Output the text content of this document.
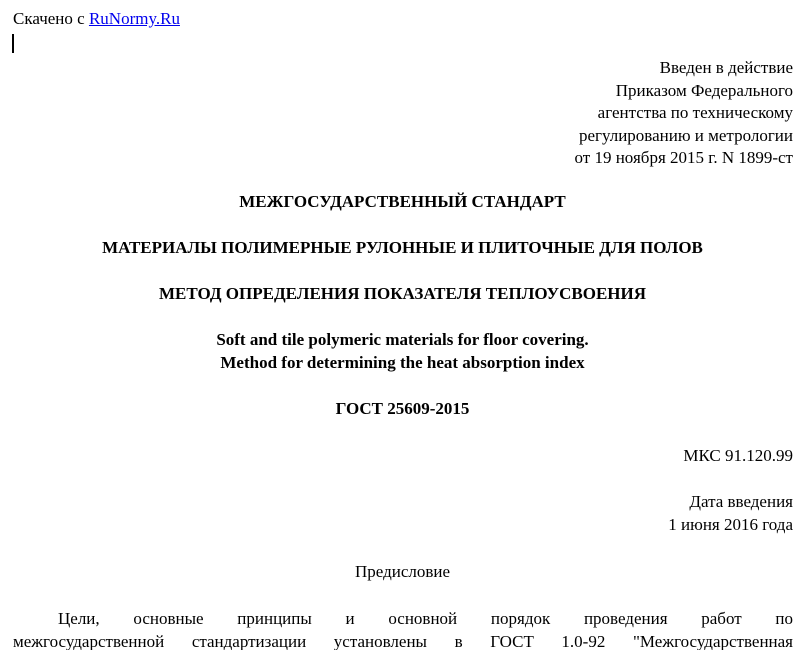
Скачено с RuNormy.Ru
Введен в действие
Приказом Федерального
агентства по техническому
регулированию и метрологии
от 19 ноября 2015 г. N 1899-ст
МЕЖГОСУДАРСТВЕННЫЙ СТАНДАРТ
МАТЕРИАЛЫ ПОЛИМЕРНЫЕ РУЛОННЫЕ И ПЛИТОЧНЫЕ ДЛЯ ПОЛОВ
МЕТОД ОПРЕДЕЛЕНИЯ ПОКАЗАТЕЛЯ ТЕПЛОУСВОЕНИЯ
Soft and tile polymeric materials for floor covering.
Method for determining the heat absorption index
ГОСТ 25609-2015
МКС 91.120.99
Дата введения
1 июня 2016 года
Предисловие
Цели, основные принципы и основной порядок проведения работ по
межгосударственной стандартизации установлены в ГОСТ 1.0-92 "Межгосударственная
